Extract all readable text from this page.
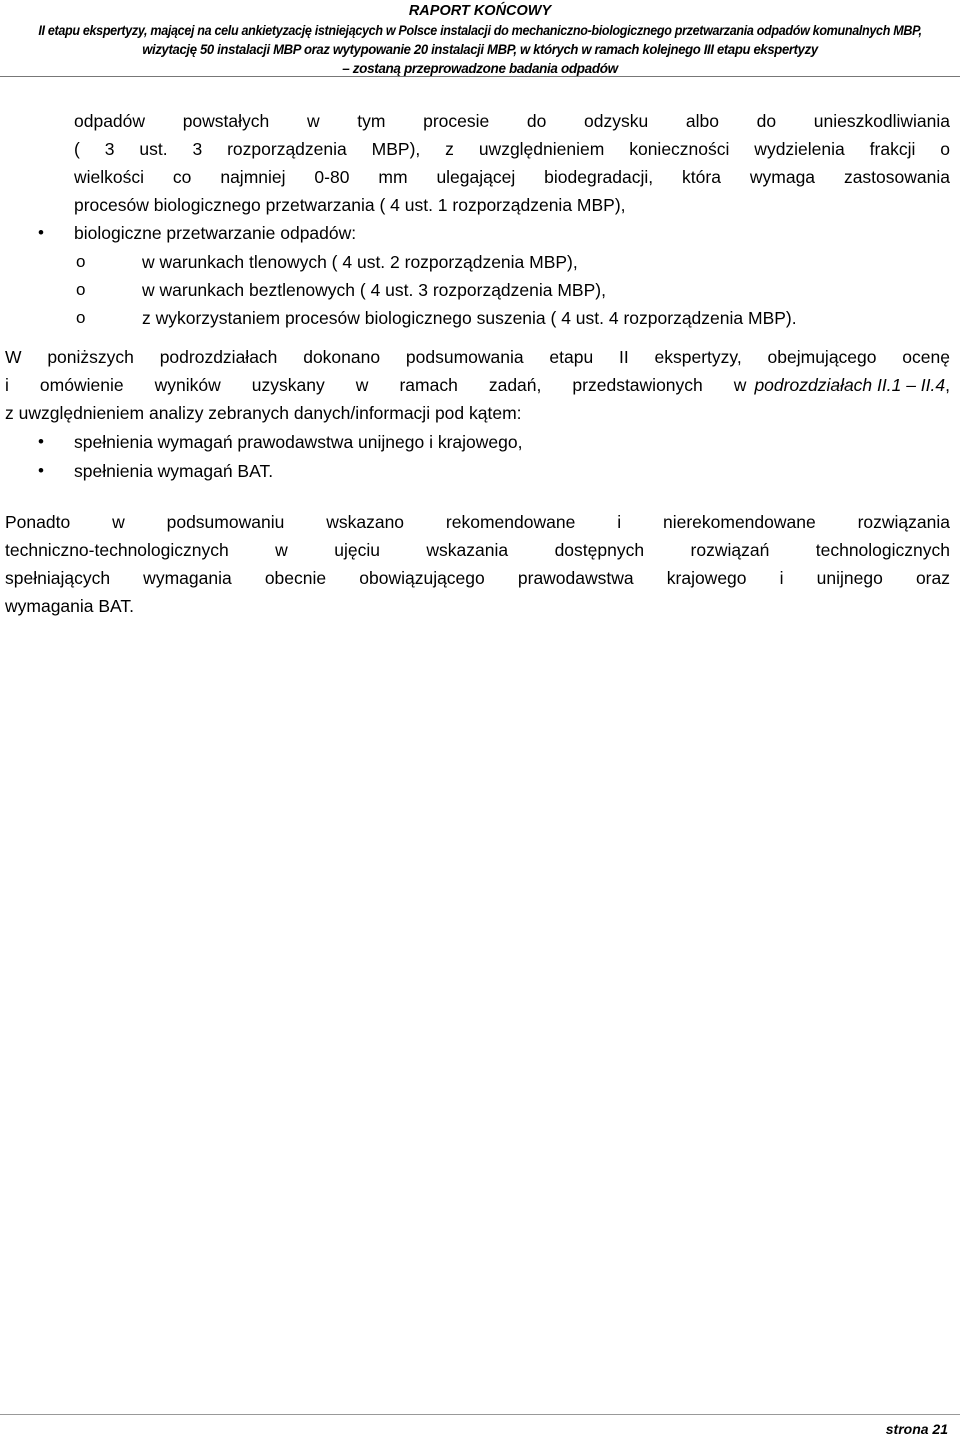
RAPORT KOŃCOWY
II etapu ekspertyzy, mającej na celu ankietyzację istniejących w Polsce instalacji do mechaniczno-biologicznego przetwarzania odpadów komunalnych MBP,
wizytację 50 instalacji MBP oraz wytypowanie 20 instalacji MBP, w których w ramach kolejnego III etapu ekspertyzy
– zostaną przeprowadzone badania odpadów
odpadów powstałych w tym procesie do odzysku albo do unieszkodliwiania
( 3 ust. 3 rozporządzenia MBP), z uwzględnieniem konieczności wydzielenia frakcji o
wielkości co najmniej 0-80 mm ulegającej biodegradacji, która wymaga zastosowania
procesów biologicznego przetwarzania ( 4 ust. 1 rozporządzenia MBP),
• biologiczne przetwarzanie odpadów:
o	w warunkach tlenowych ( 4 ust. 2 rozporządzenia MBP),
o	w warunkach beztlenowych ( 4 ust. 3 rozporządzenia MBP),
o	z wykorzystaniem procesów biologicznego suszenia ( 4 ust. 4 rozporządzenia MBP).
W poniższych podrozdziałach dokonano podsumowania etapu II ekspertyzy, obejmującego ocenę
i omówienie wyników uzyskany w ramach zadań, przedstawionych w podrozdziałach II.1 – II.4,
z uwzględnieniem analizy zebranych danych/informacji pod kątem:
• spełnienia wymagań prawodawstwa unijnego i krajowego,
• spełnienia wymagań BAT.
Ponadto w podsumowaniu wskazano rekomendowane i nierekomendowane rozwiązania
techniczno-technologicznych w ujęciu wskazania dostępnych rozwiązań technologicznych
spełniających wymagania obecnie obowiązującego prawodawstwa krajowego i unijnego oraz
wymagania BAT.
strona 21
